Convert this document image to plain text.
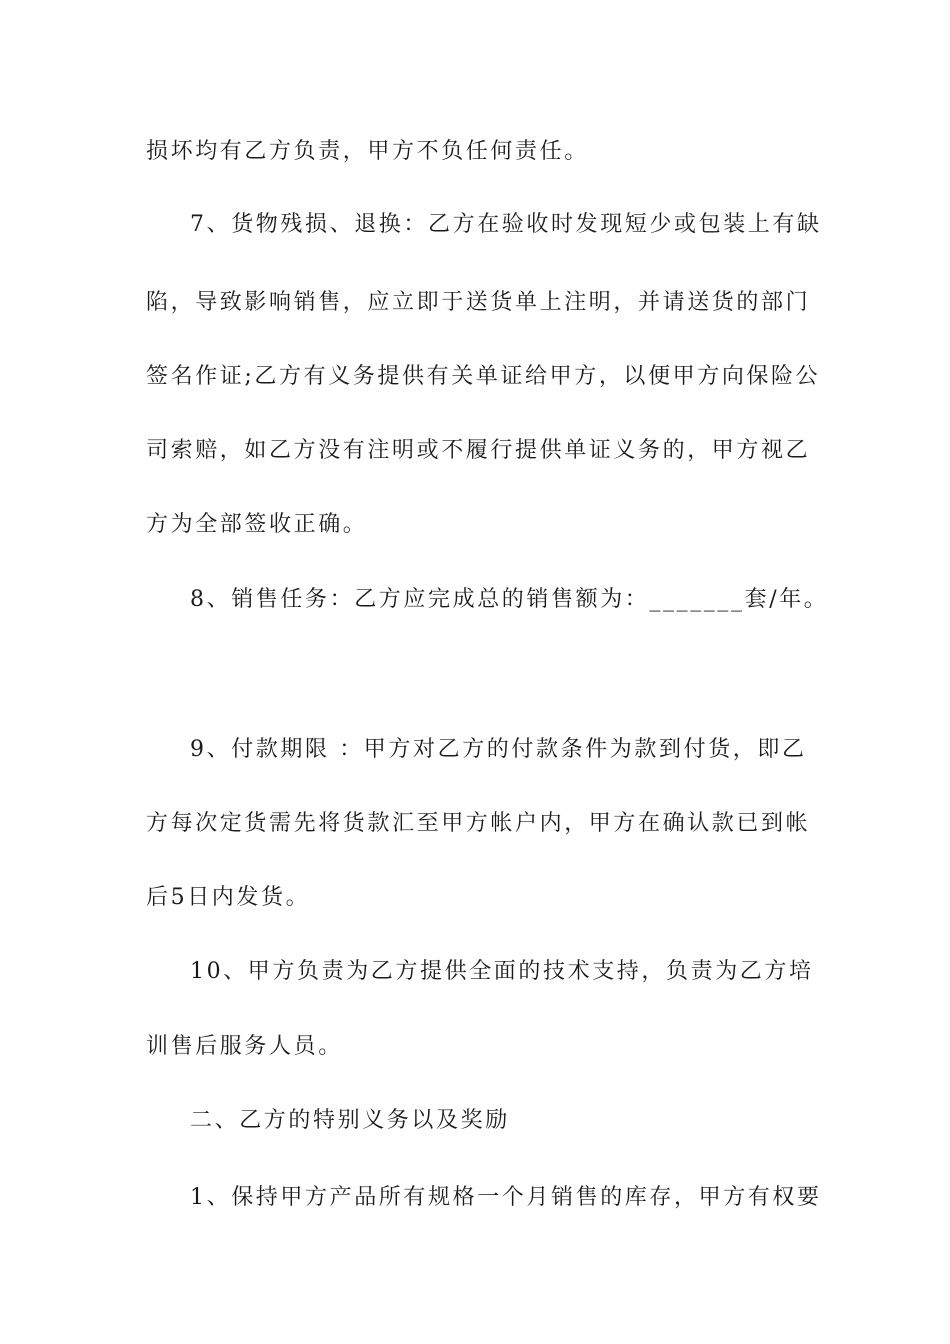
损坏均有乙方负责，甲方不负任何责任。
7、货物残损、退换：乙方在验收时发现短少或包装上有缺
陷，导致影响销售，应立即于送货单上注明，并请送货的部门
签名作证;乙方有义务提供有关单证给甲方，以便甲方向保险公
司索赔，如乙方没有注明或不履行提供单证义务的，甲方视乙
方为全部签收正确。
8、销售任务：乙方应完成总的销售额为：_______套/年。
9、付款期限 ：甲方对乙方的付款条件为款到付货，即乙
方每次定货需先将货款汇至甲方帐户内，甲方在确认款已到帐
后5日内发货。
10、甲方负责为乙方提供全面的技术支持，负责为乙方培
训售后服务人员。
二、乙方的特别义务以及奖励
1、保持甲方产品所有规格一个月销售的库存，甲方有权要
